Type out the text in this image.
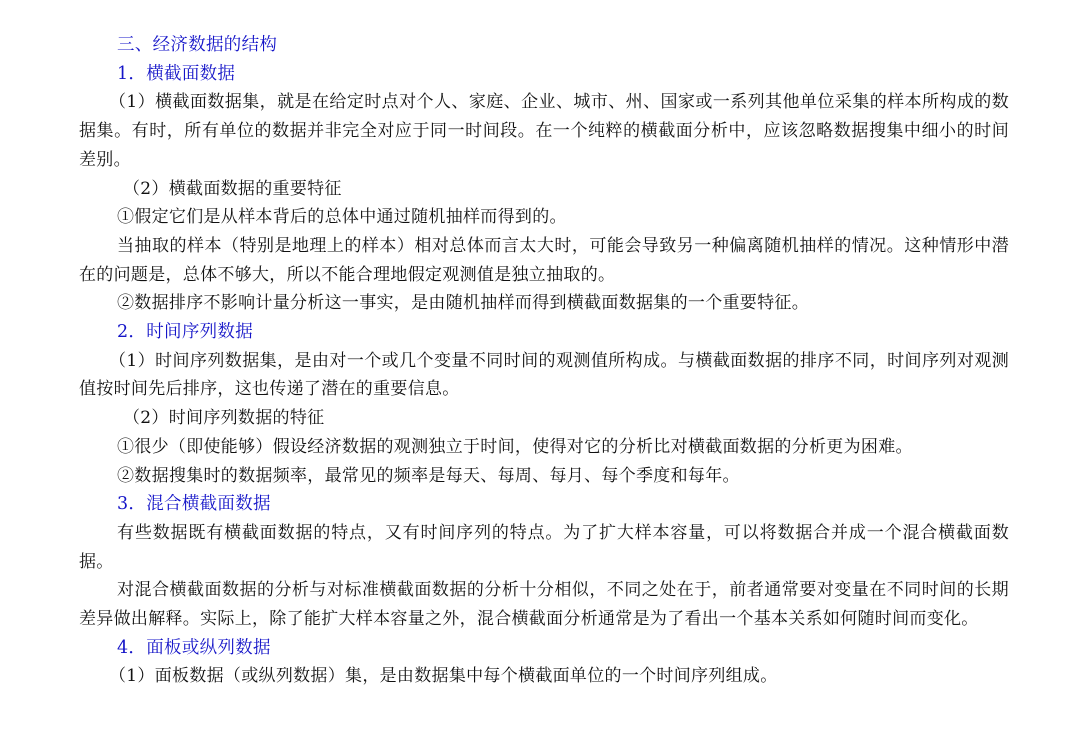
三、经济数据的结构

1．横截面数据

（1）横截面数据集，就是在给定时点对个人、家庭、企业、城市、州、国家或一系列其他单位采集的样本所构成的数据集。有时，所有单位的数据并非完全对应于同一时间段。在一个纯粹的横截面分析中，应该忽略数据搜集中细小的时间差别。

（2）横截面数据的重要特征

①假定它们是从样本背后的总体中通过随机抽样而得到的。

当抽取的样本（特别是地理上的样本）相对总体而言太大时，可能会导致另一种偏离随机抽样的情况。这种情形中潜在的问题是，总体不够大，所以不能合理地假定观测值是独立抽取的。

②数据排序不影响计量分析这一事实，是由随机抽样而得到横截面数据集的一个重要特征。

2．时间序列数据

（1）时间序列数据集，是由对一个或几个变量不同时间的观测值所构成。与横截面数据的排序不同，时间序列对观测值按时间先后排序，这也传递了潜在的重要信息。

（2）时间序列数据的特征

①很少（即使能够）假设经济数据的观测独立于时间，使得对它的分析比对横截面数据的分析更为困难。

②数据搜集时的数据频率，最常见的频率是每天、每周、每月、每个季度和每年。

3．混合横截面数据

有些数据既有横截面数据的特点，又有时间序列的特点。为了扩大样本容量，可以将数据合并成一个混合横截面数据。

对混合横截面数据的分析与对标准横截面数据的分析十分相似，不同之处在于，前者通常要对变量在不同时间的长期差异做出解释。实际上，除了能扩大样本容量之外，混合横截面分析通常是为了看出一个基本关系如何随时间而变化。

4．面板或纵列数据

（1）面板数据（或纵列数据）集，是由数据集中每个横截面单位的一个时间序列组成。
